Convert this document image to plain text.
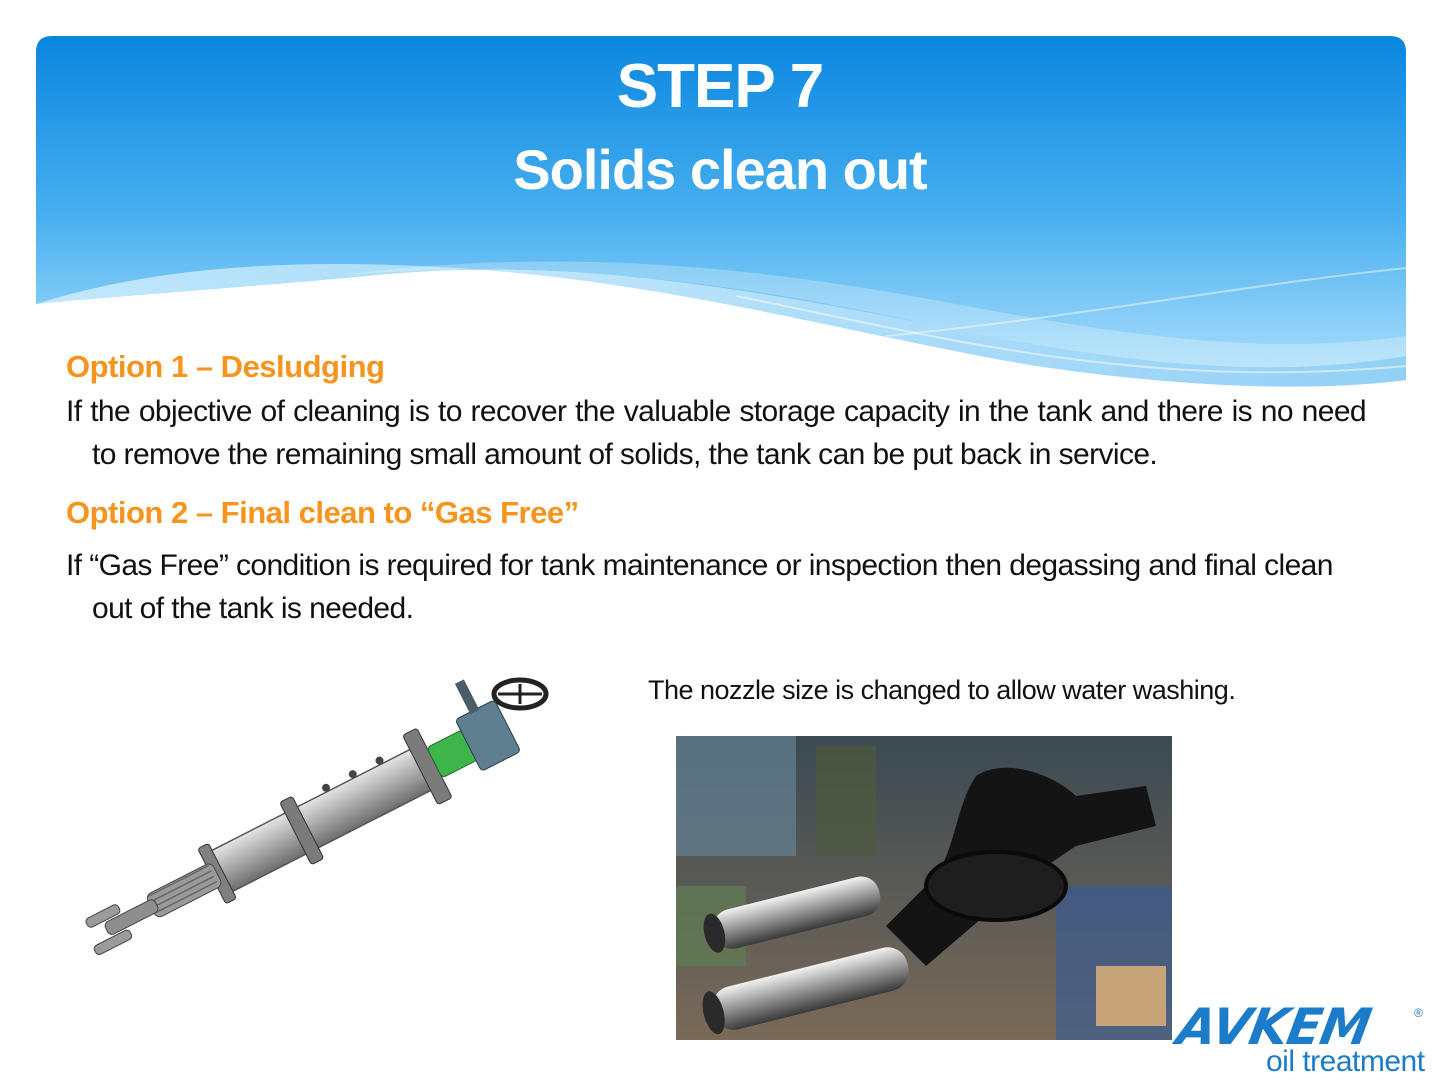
STEP 7
Solids clean out
Option 1 – Desludging
If the objective of cleaning is to recover the valuable storage capacity in the tank and there is no need to remove the remaining small amount of solids, the tank can be put back in service.
Option 2 – Final clean to “Gas Free”
If “Gas Free” condition is required for tank maintenance or inspection then degassing and final clean out of the tank is needed.
The nozzle size is changed to allow water washing.
AVKEM	®
oil treatment
